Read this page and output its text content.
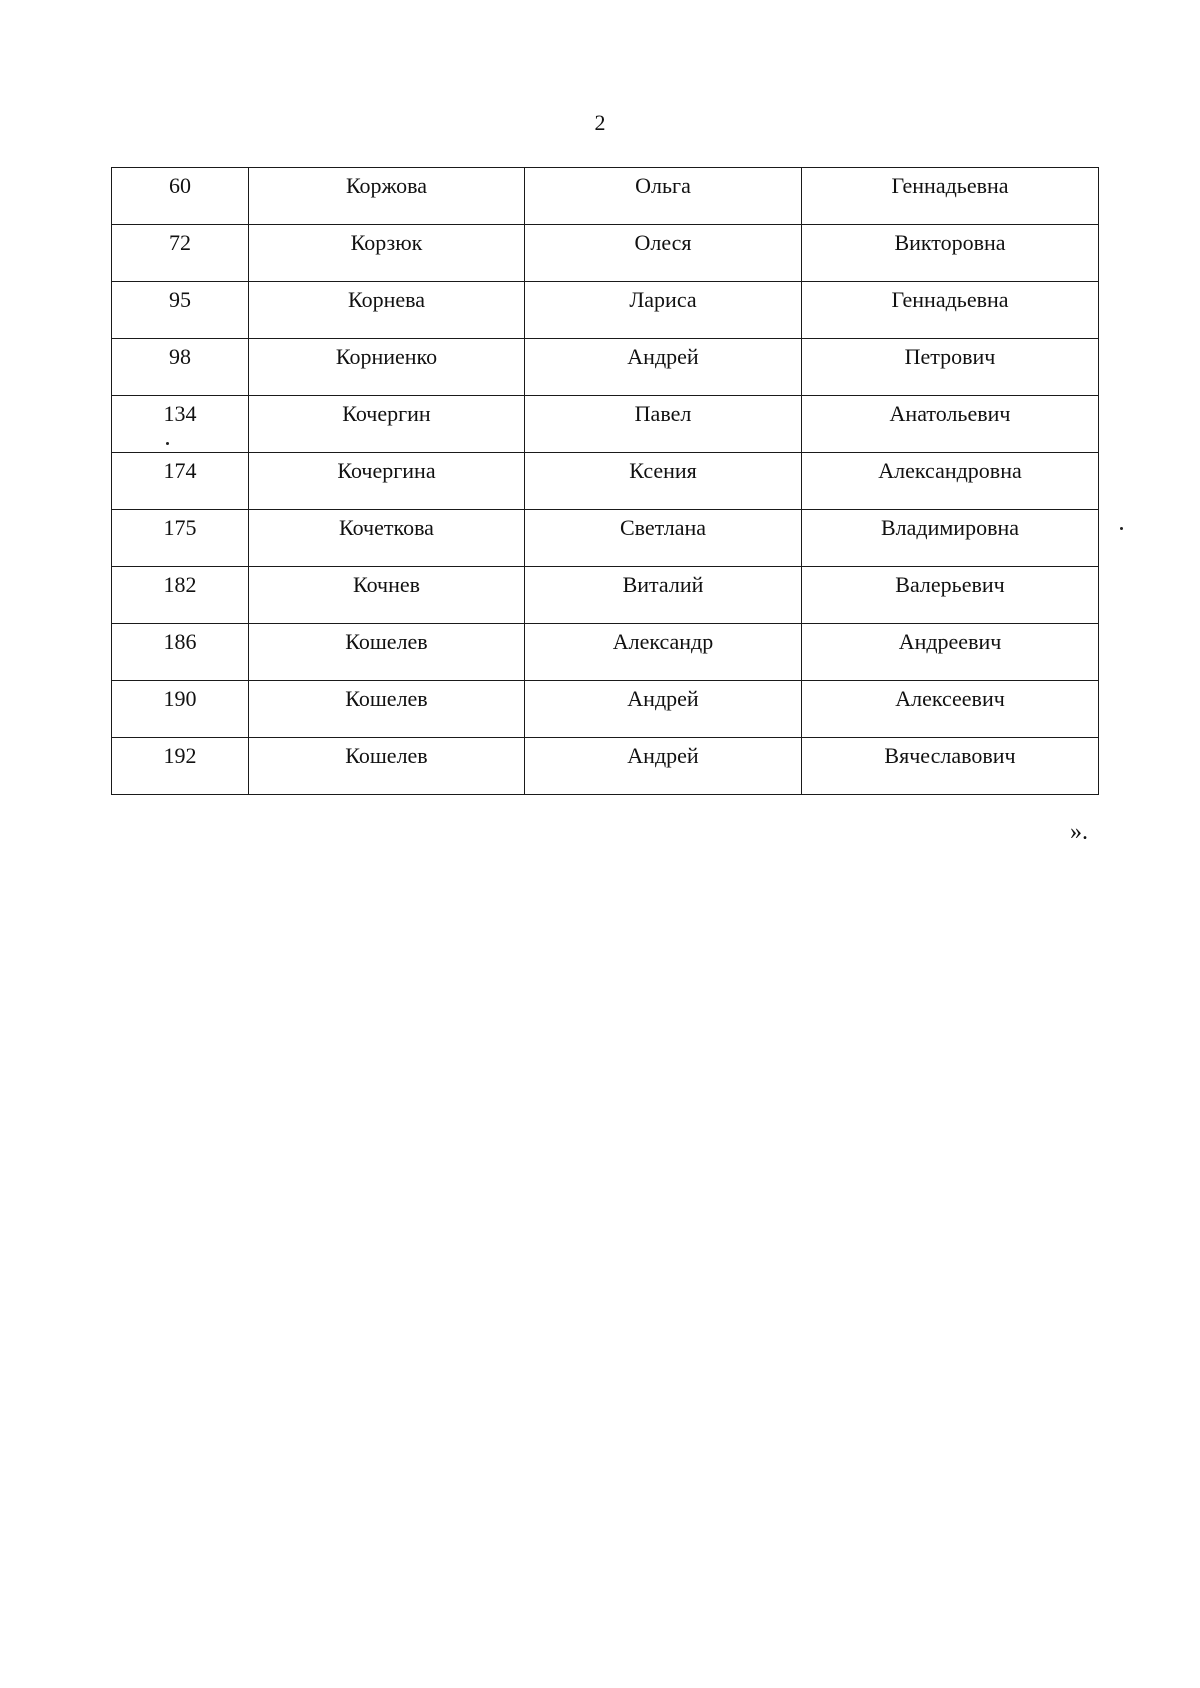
2
60	Коржова	Ольга	Геннадьевна
72	Корзюк	Олеся	Викторовна
95	Корнева	Лариса	Геннадьевна
98	Корниенко	Андрей	Петрович
134	Кочергин	Павел	Анатольевич
174	Кочергина	Ксения	Александровна
175	Кочеткова	Светлана	Владимировна
182	Кочнев	Виталий	Валерьевич
186	Кошелев	Александр	Андреевич
190	Кошелев	Андрей	Алексеевич
192	Кошелев	Андрей	Вячеславович
».
